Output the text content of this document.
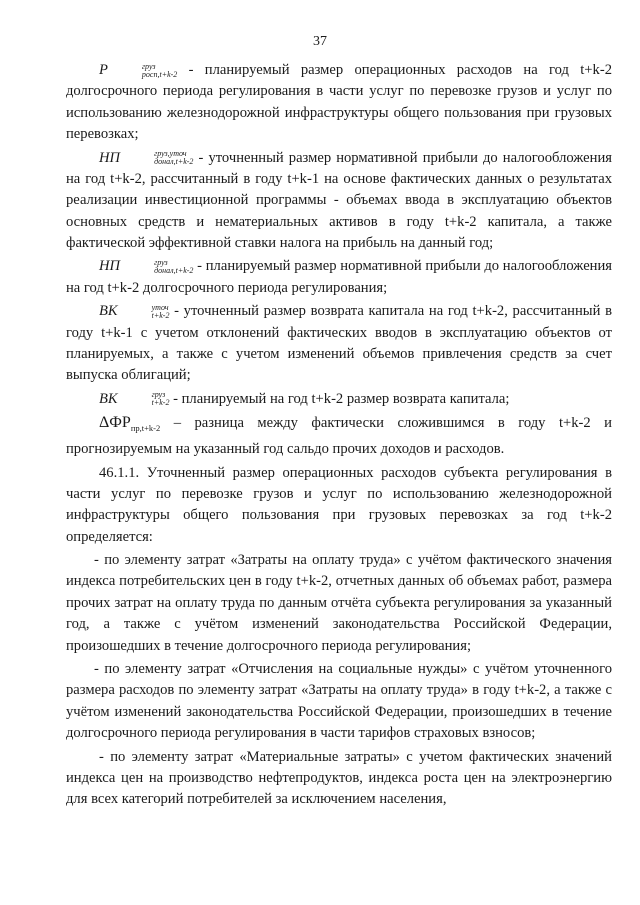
37

P	груз
росп,t+k-2 - планируемый размер операционных расходов на год t+k-2 долгосрочного периода регулирования в части услуг по перевозке грузов и услуг по использованию железнодорожной инфраструктуры общего пользования при грузовых перевозках;

НП	груз,уточ
донал,t+k-2 - уточненный размер нормативной прибыли до налогообложения на год t+k-2, рассчитанный в году t+k-1 на основе фактических данных о результатах реализации инвестиционной программы - объемах ввода в эксплуатацию объектов основных средств и нематериальных активов в году t+k-2 капитала, а также фактической эффективной ставки налога на прибыль на данный год;

НП	груз
донал,t+k-2 - планируемый размер нормативной прибыли до налогообложения на год t+k-2 долгосрочного периода регулирования;

ВК	уточ
t+k-2 - уточненный размер возврата капитала на год t+k-2, рассчитанный в году t+k-1 с учетом отклонений фактических вводов в эксплуатацию объектов от планируемых, а также с учетом изменений объемов привлечения средств за счет выпуска облигаций;

ВК	груз
t+k-2 - планируемый на год t+k-2 размер возврата капитала;

$\Delta ФР_{пр,t+k-2}$ – разница между фактически сложившимся в году t+k-2 и прогнозируемым на указанный год сальдо прочих доходов и расходов.

46.1.1. Уточненный размер операционных расходов субъекта регулирования в части услуг по перевозке грузов и услуг по использованию железнодорожной инфраструктуры общего пользования при грузовых перевозках за год t+k-2 определяется:

- по элементу затрат «Затраты на оплату труда» с учётом фактического значения индекса потребительских цен в году t+k-2, отчетных данных об объемах работ, размера прочих затрат на оплату труда по данным отчёта субъекта регулирования за указанный год, а также с учётом изменений законодательства Российской Федерации, произошедших в течение долгосрочного периода регулирования;

- по элементу затрат «Отчисления на социальные нужды» с учётом уточненного размера расходов по элементу затрат «Затраты на оплату труда» в году t+k-2, а также с учётом изменений законодательства Российской Федерации, произошедших в течение долгосрочного периода регулирования в части тарифов страховых взносов;

- по элементу затрат «Материальные затраты» с учетом фактических значений индекса цен на производство нефтепродуктов, индекса роста цен на электроэнергию для всех категорий потребителей за исключением населения,
